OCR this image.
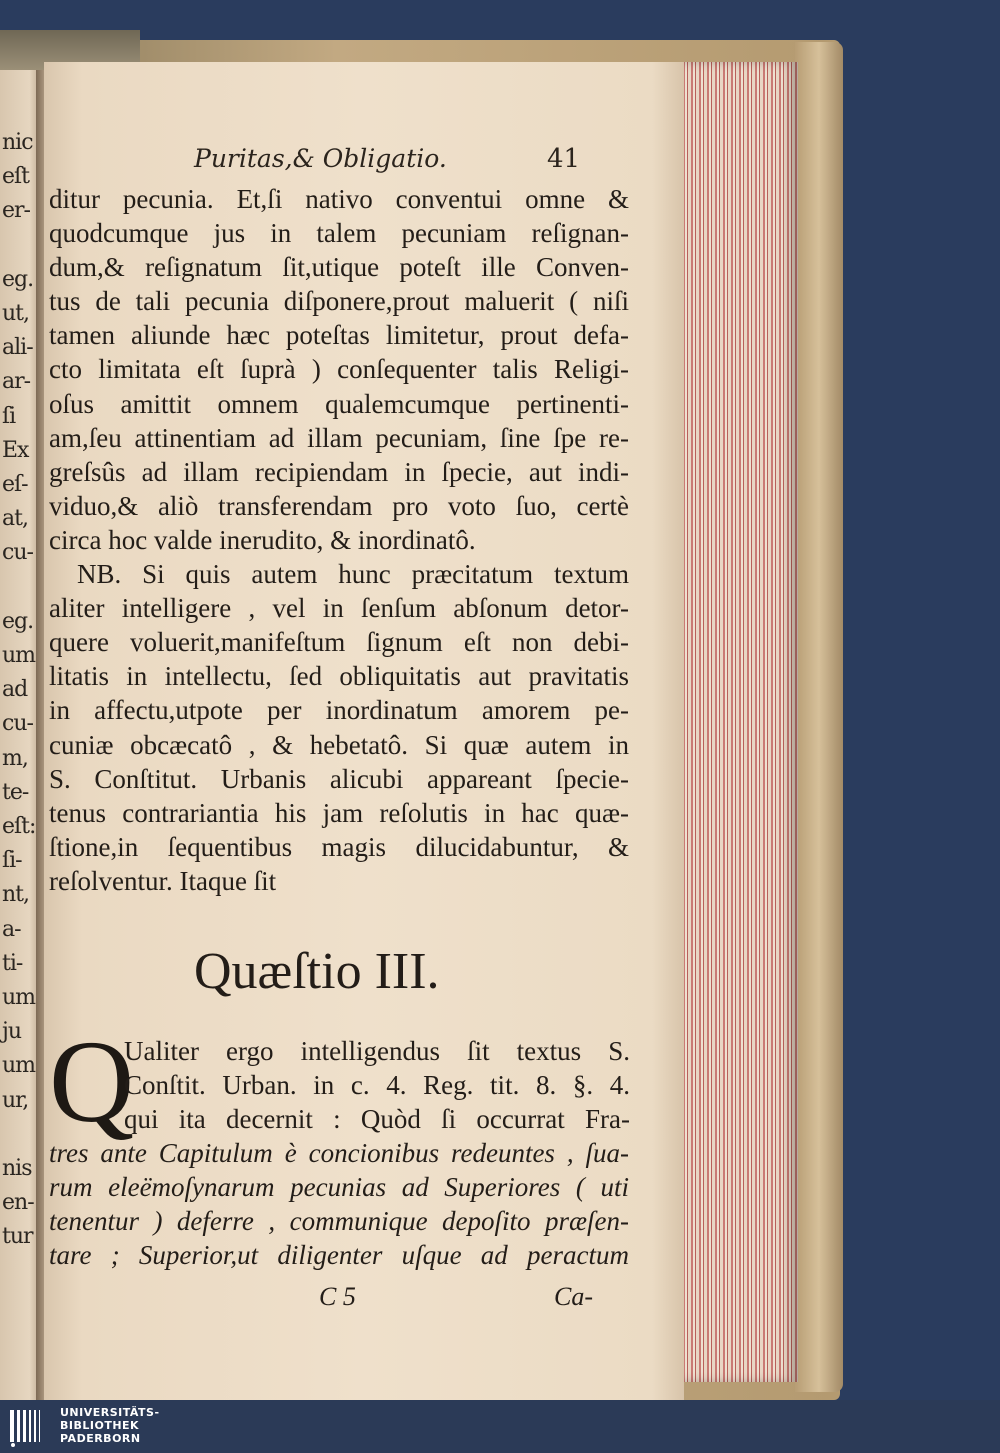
nic
eſt
er-
eg.
ut,
ali-
ar-
ſi
Ex
eſ-
at,
cu-
eg.
um
ad
cu-
m,
te-
eſt:
ſi-
nt,
a-
ti-
um
ju
um
ur,
nis
en-
tur
Puritas,& Obligatio.	41
ditur pecunia. Et,ſi nativo conventui omne &
quodcumque jus in talem pecuniam reſignan-
dum,& reſignatum ſit,utique poteſt ille Conven-
tus de tali pecunia diſponere,prout maluerit ( niſi
tamen aliunde hæc poteſtas limitetur, prout defa-
cto limitata eſt ſuprà ) conſequenter talis Religi-
oſus amittit omnem qualemcumque pertinenti-
am,ſeu attinentiam ad illam pecuniam, ſine ſpe re-
greſsûs ad illam recipiendam in ſpecie, aut indi-
viduo,& aliò transferendam pro voto ſuo, certè
circa hoc valde inerudito, & inordinatô.
NB. Si quis autem hunc præcitatum textum
aliter intelligere , vel in ſenſum abſonum detor-
quere voluerit,manifeſtum ſignum eſt non debi-
litatis in intellectu, ſed obliquitatis aut pravitatis
in affectu,utpote per inordinatum amorem pe-
cuniæ obcæcatô , & hebetatô. Si quæ autem in
S. Conſtitut. Urbanis alicubi appareant ſpecie-
tenus contrariantia his jam reſolutis in hac quæ-
ſtione,in ſequentibus magis dilucidabuntur, &
reſolventur. Itaque ſit
Quæſtio III.
Q
Ualiter ergo intelligendus ſit textus S.
Conſtit. Urban. in c. 4. Reg. tit. 8. §. 4.
qui ita decernit : Quòd ſi occurrat Fra-
tres ante Capitulum è concionibus redeuntes , ſua-
rum eleëmoſynarum pecunias ad Superiores ( uti
tenentur ) deferre , communique depoſito præſen-
tare ; Superior,ut diligenter uſque ad peractum
C 5	Ca-
UNIVERSITÄTS-
BIBLIOTHEK
PADERBORN
